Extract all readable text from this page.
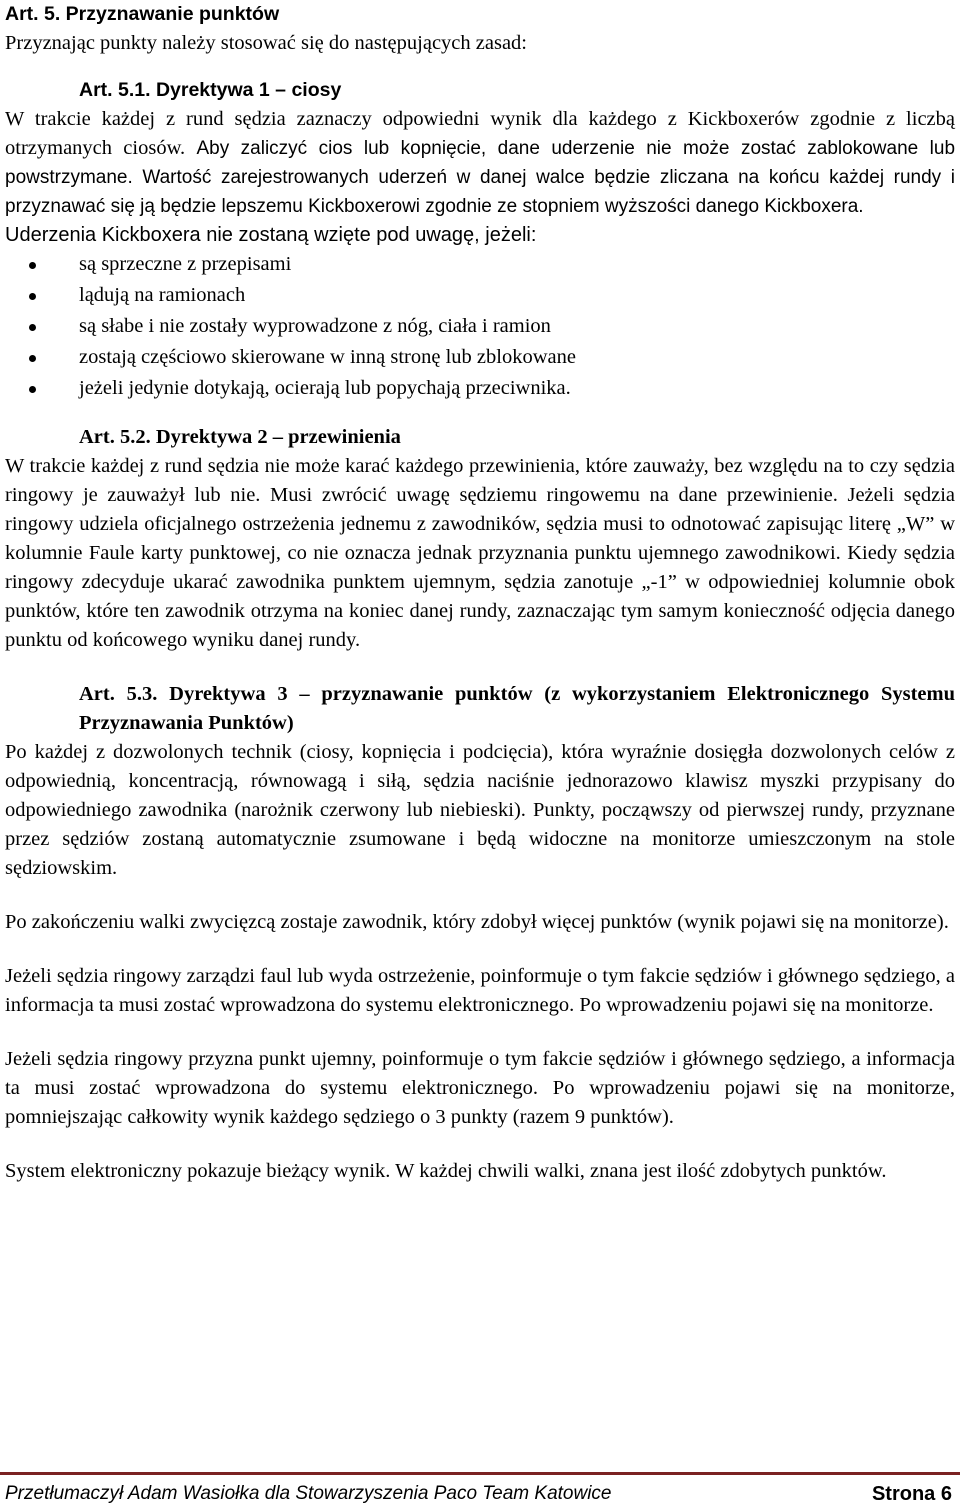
Art. 5. Przyznawanie punktów

Przyznając punkty należy stosować się do następujących zasad:

Art. 5.1. Dyrektywa 1 – ciosy

W trakcie każdej z rund sędzia zaznaczy odpowiedni wynik dla każdego z Kickboxerów zgodnie z liczbą otrzymanych ciosów. Aby zaliczyć cios lub kopnięcie, dane uderzenie nie może zostać zablokowane lub powstrzymane. Wartość zarejestrowanych uderzeń w danej walce będzie zliczana na końcu każdej rundy i przyznawać się ją będzie lepszemu Kickboxerowi zgodnie ze stopniem wyższości danego Kickboxera.

Uderzenia Kickboxera nie zostaną wzięte pod uwagę, jeżeli:

są sprzeczne z przepisami
lądują na ramionach
są słabe i nie zostały wyprowadzone z nóg, ciała i ramion
zostają częściowo skierowane w inną stronę lub zblokowane
jeżeli jedynie dotykają, ocierają lub popychają przeciwnika.

Art. 5.2. Dyrektywa 2 – przewinienia

W trakcie każdej z rund sędzia nie może karać każdego przewinienia, które zauważy, bez względu na to czy sędzia ringowy je zauważył lub nie. Musi zwrócić uwagę sędziemu ringowemu na dane przewinienie. Jeżeli sędzia ringowy udziela oficjalnego ostrzeżenia jednemu z zawodników, sędzia musi to odnotować zapisując literę „W” w kolumnie Faule karty punktowej, co nie oznacza jednak przyznania punktu ujemnego zawodnikowi. Kiedy sędzia ringowy zdecyduje ukarać zawodnika punktem ujemnym, sędzia zanotuje „-1” w odpowiedniej kolumnie obok punktów, które ten zawodnik otrzyma na koniec danej rundy, zaznaczając tym samym konieczność odjęcia danego punktu od końcowego wyniku danej rundy.

Art. 5.3. Dyrektywa 3 – przyznawanie punktów (z wykorzystaniem Elektronicznego Systemu Przyznawania Punktów)

Po każdej z dozwolonych technik (ciosy, kopnięcia i podcięcia), która wyraźnie dosięgła dozwolonych celów z odpowiednią, koncentracją, równowagą i siłą, sędzia naciśnie jednorazowo klawisz myszki przypisany do odpowiedniego zawodnika (narożnik czerwony lub niebieski). Punkty, począwszy od pierwszej rundy, przyznane przez sędziów zostaną automatycznie zsumowane i będą widoczne na monitorze umieszczonym na stole sędziowskim.

Po zakończeniu walki zwycięzcą zostaje zawodnik, który zdobył więcej punktów (wynik pojawi się na monitorze).

Jeżeli sędzia ringowy zarządzi faul lub wyda ostrzeżenie, poinformuje o tym fakcie sędziów i głównego sędziego, a informacja ta musi zostać wprowadzona do systemu elektronicznego. Po wprowadzeniu pojawi się na monitorze.

Jeżeli sędzia ringowy przyzna punkt ujemny, poinformuje o tym fakcie sędziów i głównego sędziego, a informacja ta musi zostać wprowadzona do systemu elektronicznego. Po wprowadzeniu pojawi się na monitorze, pomniejszając całkowity wynik każdego sędziego o 3 punkty (razem 9 punktów).

System elektroniczny pokazuje bieżący wynik. W każdej chwili walki, znana jest ilość zdobytych punktów.

Przetłumaczył Adam Wasiołka dla Stowarzyszenia Paco Team Katowice	Strona 6
